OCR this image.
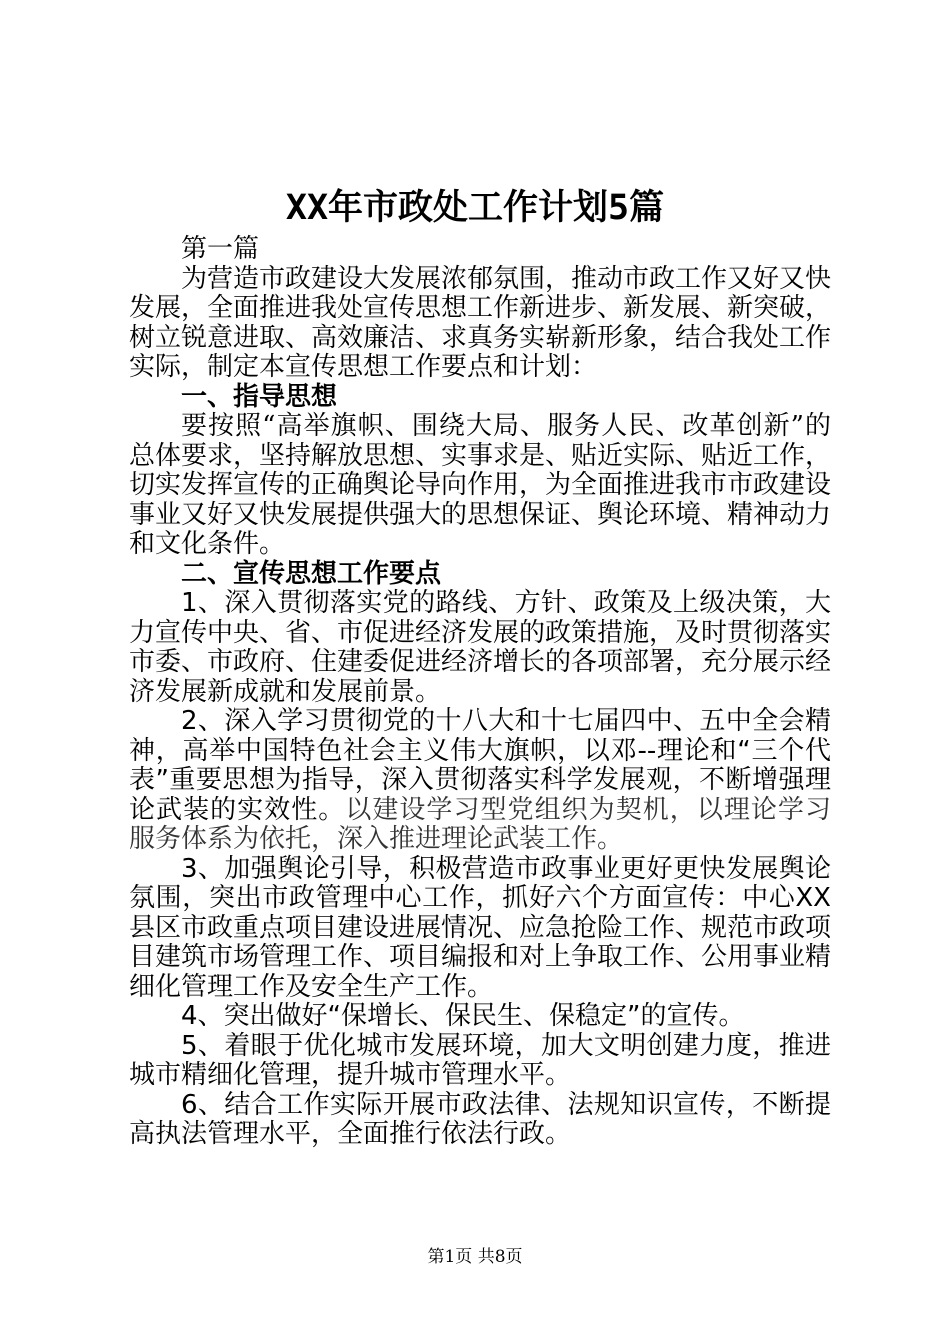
XX年市政处工作计划5篇

第一篇

为营造市政建设大发展浓郁氛围，推动市政工作又好又快发展，全面推进我处宣传思想工作新进步、新发展、新突破，树立锐意进取、高效廉洁、求真务实崭新形象，结合我处工作实际，制定本宣传思想工作要点和计划：

一、指导思想

要按照“高举旗帜、围绕大局、服务人民、改革创新”的总体要求，坚持解放思想、实事求是、贴近实际、贴近工作，切实发挥宣传的正确舆论导向作用，为全面推进我市市政建设事业又好又快发展提供强大的思想保证、舆论环境、精神动力和文化条件。

二、宣传思想工作要点

1、深入贯彻落实党的路线、方针、政策及上级决策，大力宣传中央、省、市促进经济发展的政策措施，及时贯彻落实市委、市政府、住建委促进经济增长的各项部署，充分展示经济发展新成就和发展前景。

2、深入学习贯彻党的十八大和十七届四中、五中全会精神，高举中国特色社会主义伟大旗帜，以邓--理论和“三个代表”重要思想为指导，深入贯彻落实科学发展观，不断增强理论武装的实效性。以建设学习型党组织为契机，以理论学习服务体系为依托，深入推进理论武装工作。

3、加强舆论引导，积极营造市政事业更好更快发展舆论氛围，突出市政管理中心工作，抓好六个方面宣传：中心XX县区市政重点项目建设进展情况、应急抢险工作、规范市政项目建筑市场管理工作、项目编报和对上争取工作、公用事业精细化管理工作及安全生产工作。

4、突出做好“保增长、保民生、保稳定”的宣传。

5、着眼于优化城市发展环境，加大文明创建力度，推进城市精细化管理，提升城市管理水平。

6、结合工作实际开展市政法律、法规知识宣传，不断提高执法管理水平，全面推行依法行政。

第1页 共8页
